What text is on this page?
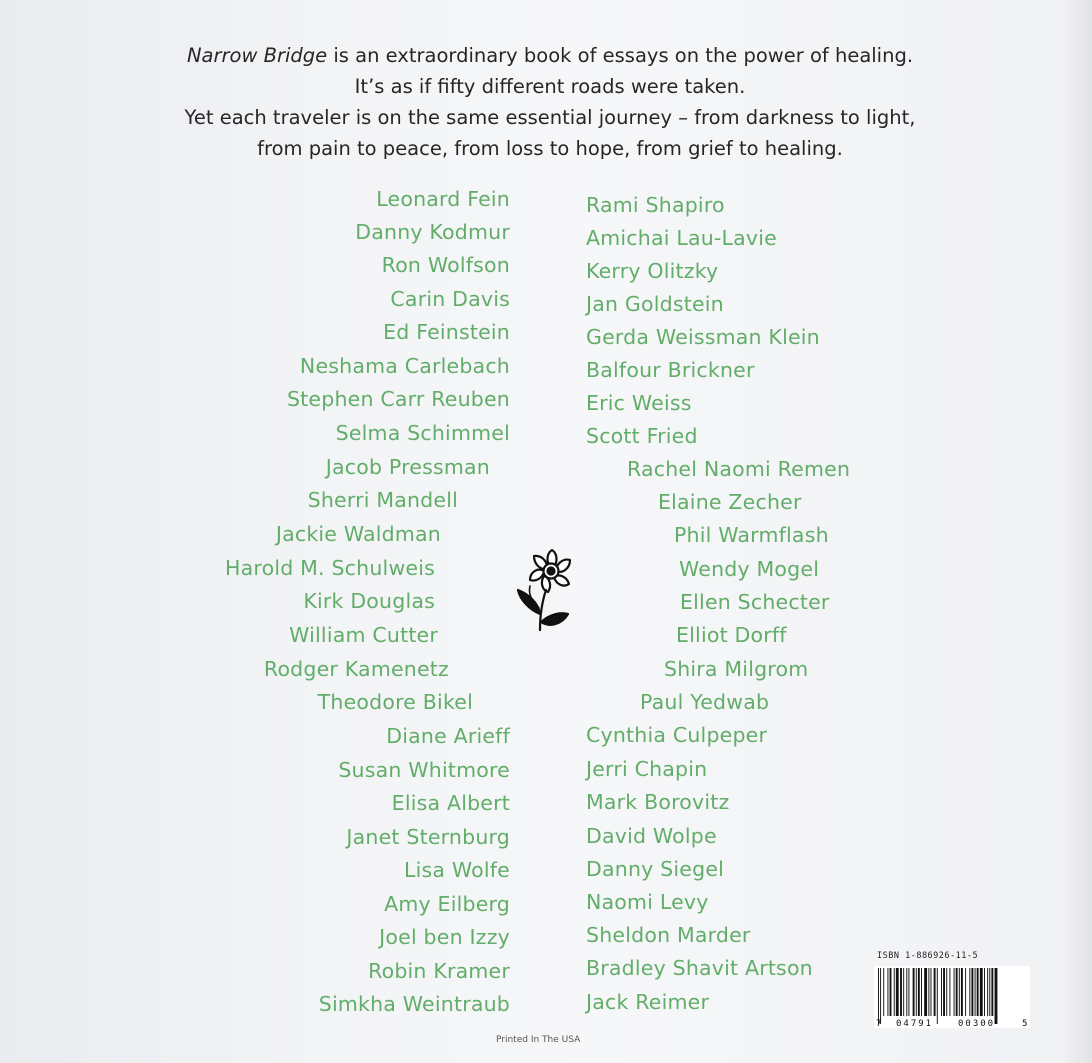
Narrow Bridge is an extraordinary book of essays on the power of healing.
It’s as if fifty different roads were taken.
Yet each traveler is on the same essential journey – from darkness to light,
from pain to peace, from loss to hope, from grief to healing.
Leonard Fein
Danny Kodmur
Ron Wolfson
Carin Davis
Ed Feinstein
Neshama Carlebach
Stephen Carr Reuben
Selma Schimmel
Jacob Pressman
Sherri Mandell
Jackie Waldman
Harold M. Schulweis
Kirk Douglas
William Cutter
Rodger Kamenetz
Theodore Bikel
Diane Arieff
Susan Whitmore
Elisa Albert
Janet Sternburg
Lisa Wolfe
Amy Eilberg
Joel ben Izzy
Robin Kramer
Simkha Weintraub
Rami Shapiro
Amichai Lau-Lavie
Kerry Olitzky
Jan Goldstein
Gerda Weissman Klein
Balfour Brickner
Eric Weiss
Scott Fried
Rachel Naomi Remen
Elaine Zecher
Phil Warmflash
Wendy Mogel
Ellen Schecter
Elliot Dorff
Shira Milgrom
Paul Yedwab
Cynthia Culpeper
Jerri Chapin
Mark Borovitz
David Wolpe
Danny Siegel
Naomi Levy
Sheldon Marder
Bradley Shavit Artson
Jack Reimer
ISBN 1-886926-11-5
7 04791	00300	5
Printed In The USA
